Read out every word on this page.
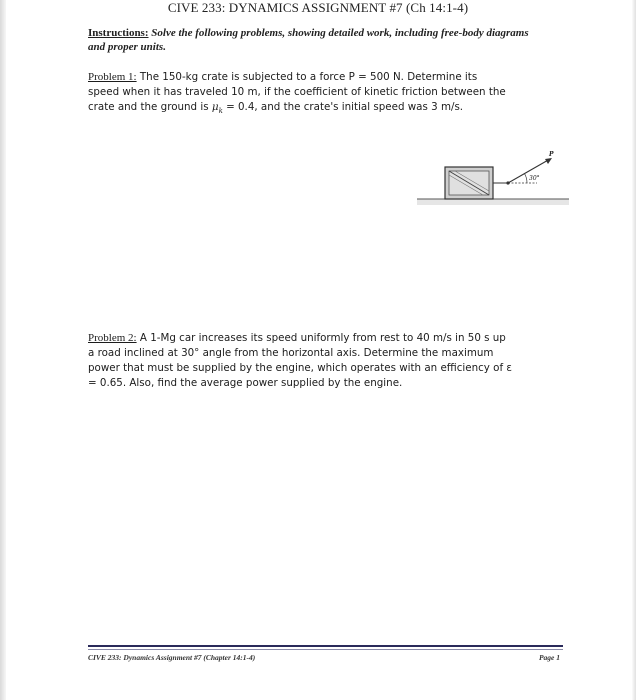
CIVE 233: DYNAMICS ASSIGNMENT #7 (Ch 14:1-4)
Instructions: Solve the following problems, showing detailed work, including free-body diagrams and proper units.
Problem 1: The 150-kg crate is subjected to a force P = 500 N. Determine its
speed when it has traveled 10 m, if the coefficient of kinetic friction between the
crate and the ground is $\mu_k = 0.4$, and the crate's initial speed was 3 m/s.
30°
P
Problem 2: A 1-Mg car increases its speed uniformly from rest to 40 m/s in 50 s up
a road inclined at 30° angle from the horizontal axis. Determine the maximum
power that must be supplied by the engine, which operates with an efficiency of ε
= 0.65. Also, find the average power supplied by the engine.
CIVE 233: Dynamics Assignment #7 (Chapter 14:1-4)	Page 1
